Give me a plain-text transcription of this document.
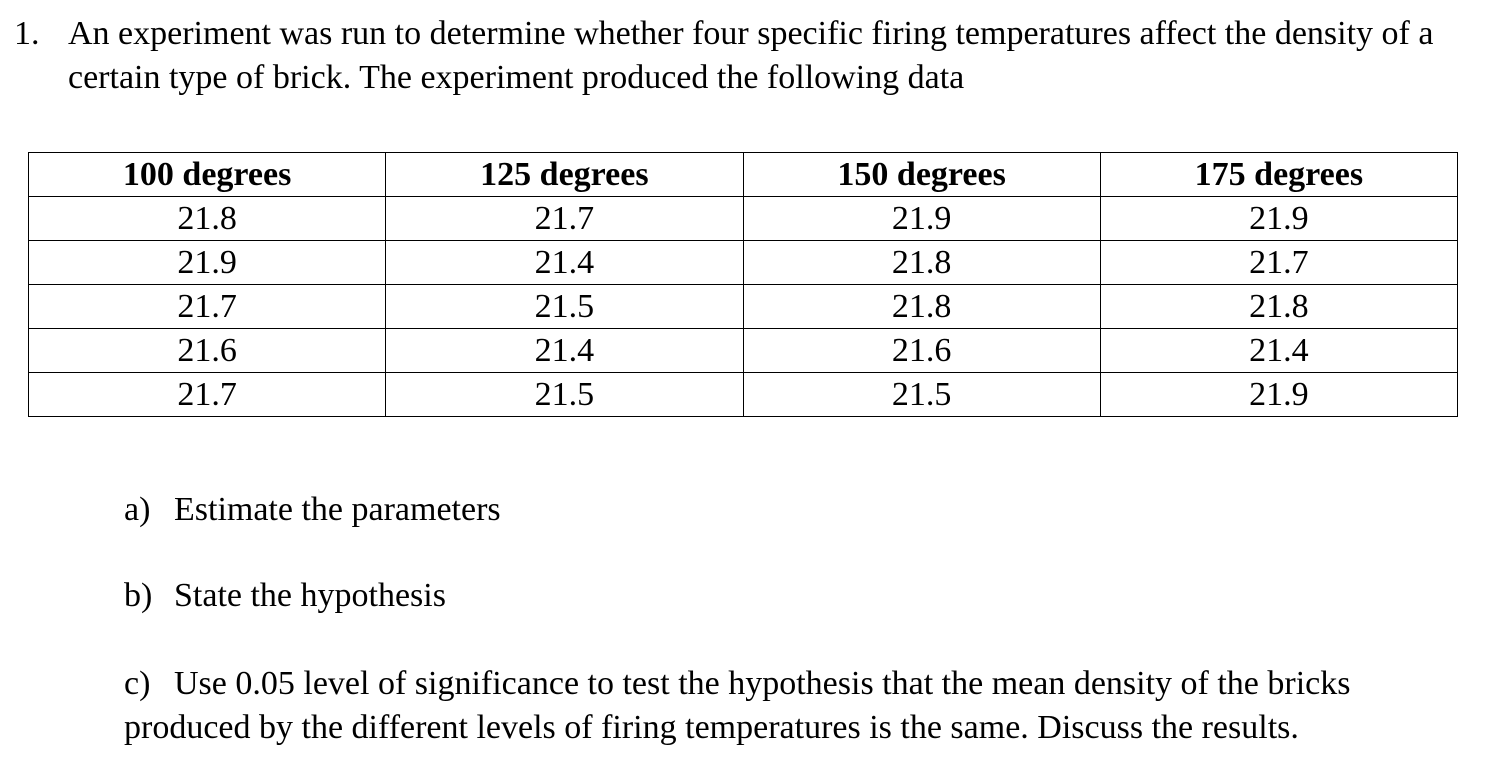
1. An experiment was run to determine whether four specific firing temperatures affect the density of a certain type of brick. The experiment produced the following data
100 degrees	125 degrees	150 degrees	175 degrees
21.8	21.7	21.9	21.9
21.9	21.4	21.8	21.7
21.7	21.5	21.8	21.8
21.6	21.4	21.6	21.4
21.7	21.5	21.5	21.9
a) Estimate the parameters
b) State the hypothesis
c) Use 0.05 level of significance to test the hypothesis that the mean density of the bricks produced by the different levels of firing temperatures is the same. Discuss the results.
